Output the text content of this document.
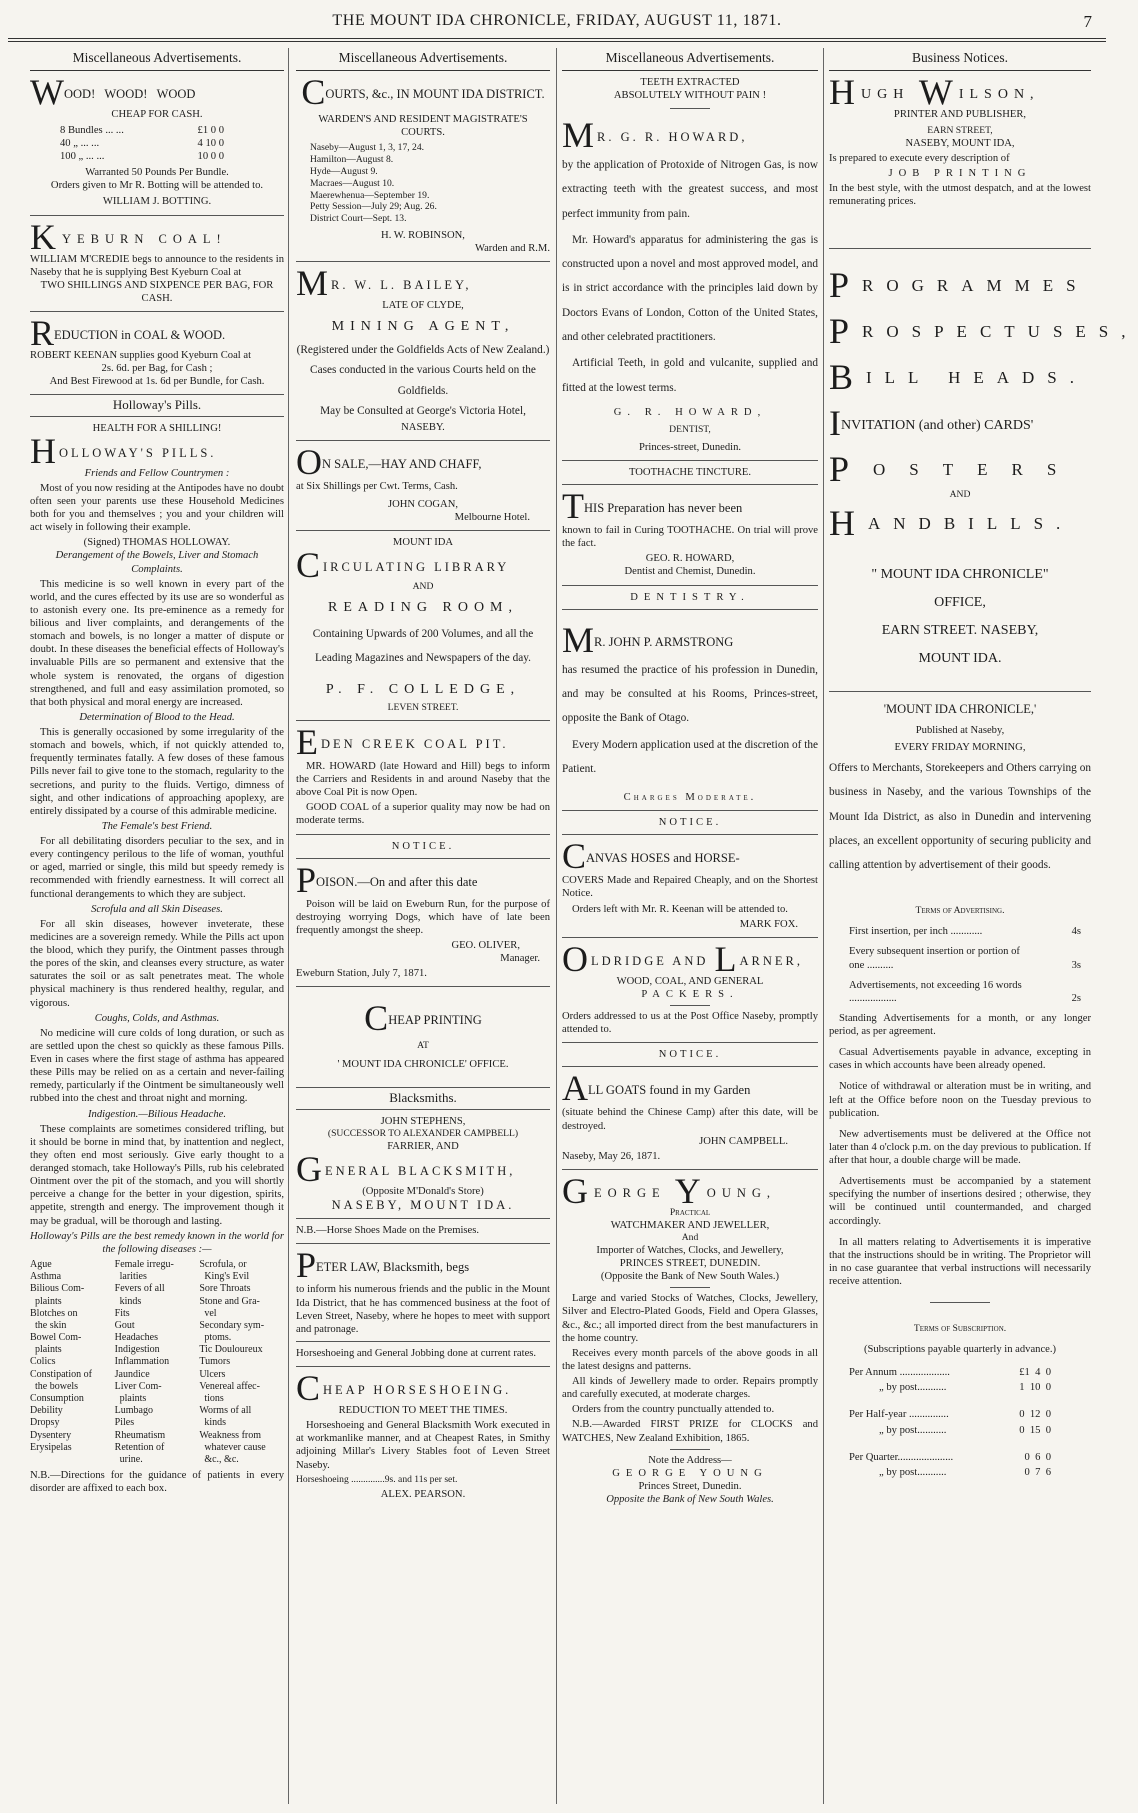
THE MOUNT IDA CHRONICLE, FRIDAY, AUGUST 11, 1871.	7
Miscellaneous Advertisements.
WOOD!   WOOD!   WOOD
CHEAP FOR CASH.
8 Bundles ... ...	£1 0 0
40 „ ... ...	4 10 0
100 „ ... ...	10 0 0
Warranted 50 Pounds Per Bundle.
Orders given to Mr R. Botting will be attended to.
WILLIAM J. BOTTING.
KYEBURN COAL!
WILLIAM M'CREDIE begs to announce to the residents in Naseby that he is supplying Best Kyeburn Coal at
TWO SHILLINGS AND SIXPENCE PER BAG, FOR CASH.
REDUCTION in COAL & WOOD.
ROBERT KEENAN supplies good Kyeburn Coal at
2s. 6d. per Bag, for Cash ;
And Best Firewood at 1s. 6d per Bundle, for Cash.
Holloway's Pills.
HEALTH FOR A SHILLING!
HOLLOWAY'S PILLS.
Friends and Fellow Countrymen :
Most of you now residing at the Antipodes have no doubt often seen your parents use these Household Medicines both for you and themselves ; you and your children will act wisely in following their example.
(Signed) THOMAS HOLLOWAY.
Derangement of the Bowels, Liver and Stomach Complaints.
This medicine is so well known in every part of the world, and the cures effected by its use are so wonderful as to astonish every one. Its pre-eminence as a remedy for bilious and liver complaints, and derangements of the stomach and bowels, is no longer a matter of dispute or doubt. In these diseases the beneficial effects of Holloway's invaluable Pills are so permanent and extensive that the whole system is renovated, the organs of digestion strengthened, and full and easy assimilation promoted, so that both physical and moral energy are increased.
Determination of Blood to the Head.
This is generally occasioned by some irregularity of the stomach and bowels, which, if not quickly attended to, frequently terminates fatally. A few doses of these famous Pills never fail to give tone to the stomach, regularity to the secretions, and purity to the fluids. Vertigo, dimness of sight, and other indications of approaching apoplexy, are entirely dissipated by a course of this admirable medicine.
The Female's best Friend.
For all debilitating disorders peculiar to the sex, and in every contingency perilous to the life of woman, youthful or aged, married or single, this mild but speedy remedy is recommended with friendly earnestness. It will correct all functional derangements to which they are subject.
Scrofula and all Skin Diseases.
For all skin diseases, however inveterate, these medicines are a sovereign remedy. While the Pills act upon the blood, which they purify, the Ointment passes through the pores of the skin, and cleanses every structure, as water saturates the soil or as salt penetrates meat. The whole physical machinery is thus rendered healthy, regular, and vigorous.
Coughs, Colds, and Asthmas.
No medicine will cure colds of long duration, or such as are settled upon the chest so quickly as these famous Pills. Even in cases where the first stage of asthma has appeared these Pills may be relied on as a certain and never-failing remedy, particularly if the Ointment be simultaneously well rubbed into the chest and throat night and morning.
Indigestion.—Bilious Headache.
These complaints are sometimes considered trifling, but it should be borne in mind that, by inattention and neglect, they often end most seriously. Give early thought to a deranged stomach, take Holloway's Pills, rub his celebrated Ointment over the pit of the stomach, and you will shortly perceive a change for the better in your digestion, spirits, appetite, strength and energy. The improvement though it may be gradual, will be thorough and lasting.
Holloway's Pills are the best remedy known in the world for the following diseases :—
Ague	Female irregu-	Scrofula, or
Asthma	larities	King's Evil
Bilious Com-	Fevers of all	Sore Throats
plaints	kinds	Stone and Gra-
Blotches on	Fits	vel
the skin	Gout	Secondary sym-
Bowel Com-	Headaches	ptoms.
plaints	Indigestion	Tic Douloureux
Colics	Inflammation	Tumors
Constipation of	Jaundice	Ulcers
the bowels	Liver Com-	Venereal affec-
Consumption	plaints	tions
Debility	Lumbago	Worms of all
Dropsy	Piles	kinds
Dysentery	Rheumatism	Weakness from
Erysipelas	Retention of	whatever cause
urine.	&c., &c.
N.B.—Directions for the guidance of patients in every disorder are affixed to each box.
Miscellaneous Advertisements.
COURTS, &c., IN MOUNT IDA DISTRICT.
WARDEN'S AND RESIDENT MAGISTRATE'S COURTS.
Naseby—August 1, 3, 17, 24.
Hamilton—August 8.
Hyde—August 9.
Macraes—August 10.
Maerewhenua—September 19.
Petty Session—July 29; Aug. 26.
District Court—Sept. 13.
H. W. ROBINSON,
Warden and R.M.
MR. W. L. BAILEY,
LATE OF CLYDE,
MINING AGENT,
(Registered under the Goldfields Acts of New Zealand.)
Cases conducted in the various Courts held on the Goldfields.
May be Consulted at George's Victoria Hotel,
NASEBY.
ON SALE,—HAY AND CHAFF,
at Six Shillings per Cwt. Terms, Cash.
JOHN COGAN,
Melbourne Hotel.
MOUNT IDA
CIRCULATING LIBRARY
AND
READING ROOM,
Containing Upwards of 200 Volumes, and all the Leading Magazines and Newspapers of the day.
P. F. COLLEDGE,
LEVEN STREET.
EDEN CREEK COAL PIT.
MR. HOWARD (late Howard and Hill) begs to inform the Carriers and Residents in and around Naseby that the above Coal Pit is now Open.
GOOD COAL of a superior quality may now be had on moderate terms.
NOTICE.
POISON.—On and after this date
Poison will be laid on Eweburn Run, for the purpose of destroying worrying Dogs, which have of late been frequently amongst the sheep.
GEO. OLIVER,
Manager.
Eweburn Station, July 7, 1871.
CHEAP PRINTING
AT
' MOUNT IDA CHRONICLE' OFFICE.
Blacksmiths.
JOHN STEPHENS,
(SUCCESSOR TO ALEXANDER CAMPBELL)
FARRIER, AND
GENERAL BLACKSMITH,
(Opposite M'Donald's Store)
NASEBY, MOUNT IDA.
N.B.—Horse Shoes Made on the Premises.
PETER LAW, Blacksmith, begs
to inform his numerous friends and the public in the Mount Ida District, that he has commenced business at the foot of Leven Street, Naseby, where he hopes to meet with support and patronage.
Horseshoeing and General Jobbing done at current rates.
CHEAP HORSESHOEING.
REDUCTION TO MEET THE TIMES.
Horseshoeing and General Blacksmith Work executed in at workmanlike manner, and at Cheapest Rates, in Smithy adjoining Millar's Livery Stables foot of Leven Street Naseby.
Horseshoeing ..............9s. and 11s per set.
ALEX. PEARSON.
Miscellaneous Advertisements.
TEETH EXTRACTED
ABSOLUTELY WITHOUT PAIN !
MR. G. R. HOWARD,
by the application of Protoxide of Nitrogen Gas, is now extracting teeth with the greatest success, and most perfect immunity from pain.
Mr. Howard's apparatus for administering the gas is constructed upon a novel and most approved model, and is in strict accordance with the principles laid down by Doctors Evans of London, Cotton of the United States, and other celebrated practitioners.
Artificial Teeth, in gold and vulcanite, supplied and fitted at the lowest terms.
G. R. HOWARD,
DENTIST,
Princes-street, Dunedin.
TOOTHACHE TINCTURE.
THIS Preparation has never been
known to fail in Curing TOOTHACHE. On trial will prove the fact.
GEO. R. HOWARD,
Dentist and Chemist, Dunedin.
DENTISTRY.
MR. JOHN P. ARMSTRONG
has resumed the practice of his profession in Dunedin, and may be consulted at his Rooms, Princes-street, opposite the Bank of Otago.
Every Modern application used at the discretion of the Patient.
Charges Moderate.
NOTICE.
CANVAS HOSES and HORSE-
COVERS Made and Repaired Cheaply, and on the Shortest Notice.
Orders left with Mr. R. Keenan will be attended to.
MARK FOX.
OLDRIDGE AND LARNER,
WOOD, COAL, AND GENERAL
PACKERS.
Orders addressed to us at the Post Office Naseby, promptly attended to.
NOTICE.
ALL GOATS found in my Garden
(situate behind the Chinese Camp) after this date, will be destroyed.
JOHN CAMPBELL.
Naseby, May 26, 1871.
GEORGE YOUNG,
Practical
WATCHMAKER AND JEWELLER,
And
Importer of Watches, Clocks, and Jewellery,
PRINCES STREET, DUNEDIN.
(Opposite the Bank of New South Wales.)
Large and varied Stocks of Watches, Clocks, Jewellery, Silver and Electro-Plated Goods, Field and Opera Glasses, &c., &c.; all imported direct from the best manufacturers in the home country.
Receives every month parcels of the above goods in all the latest designs and patterns.
All kinds of Jewellery made to order. Repairs promptly and carefully executed, at moderate charges.
Orders from the country punctually attended to.
N.B.—Awarded FIRST PRIZE for CLOCKS and WATCHES, New Zealand Exhibition, 1865.
Note the Address—
GEORGE YOUNG
Princes Street, Dunedin.
Opposite the Bank of New South Wales.
Business Notices.
HUGH WILSON,
PRINTER AND PUBLISHER,
EARN STREET,
NASEBY, MOUNT IDA,
Is prepared to execute every description of
JOB PRINTING
In the best style, with the utmost despatch, and at the lowest remunerating prices.
PROGRAMMES
PROSPECTUSES,
BILL HEADS.
INVITATION (and other) CARDS'
POSTERS
AND
HANDBILLS.
" MOUNT IDA CHRONICLE"
OFFICE,
EARN STREET. NASEBY,
MOUNT IDA.
'MOUNT IDA CHRONICLE,'
Published at Naseby,
EVERY FRIDAY MORNING,
Offers to Merchants, Storekeepers and Others carrying on business in Naseby, and the various Townships of the Mount Ida District, as also in Dunedin and intervening places, an excellent opportunity of securing publicity and calling attention by advertisement of their goods.
Terms of Advertising.
First insertion, per inch ............	4s
Every subsequent insertion or portion of one ..........	3s
Advertisements, not exceeding 16 words ..................	2s
Standing Advertisements for a month, or any longer period, as per agreement.
Casual Advertisements payable in advance, excepting in cases in which accounts have been already opened.
Notice of withdrawal or alteration must be in writing, and left at the Office before noon on the Tuesday previous to publication.
New advertisements must be delivered at the Office not later than 4 o'clock p.m. on the day previous to publication. If after that hour, a double charge will be made.
Advertisements must be accompanied by a statement specifying the number of insertions desired ; otherwise, they will be continued until countermanded, and charged accordingly.
In all matters relating to Advertisements it is imperative that the instructions should be in writing. The Proprietor will in no case guarantee that verbal instructions will necessarily receive attention.
Terms of Subscription.
(Subscriptions payable quarterly in advance.)
Per Annum ...................	£1  4  0
„ by post...........	1  10  0
Per Half-year ...............	0  12  0
„ by post...........	0  15  0
Per Quarter.....................	0  6  0
„ by post...........	0  7  6
